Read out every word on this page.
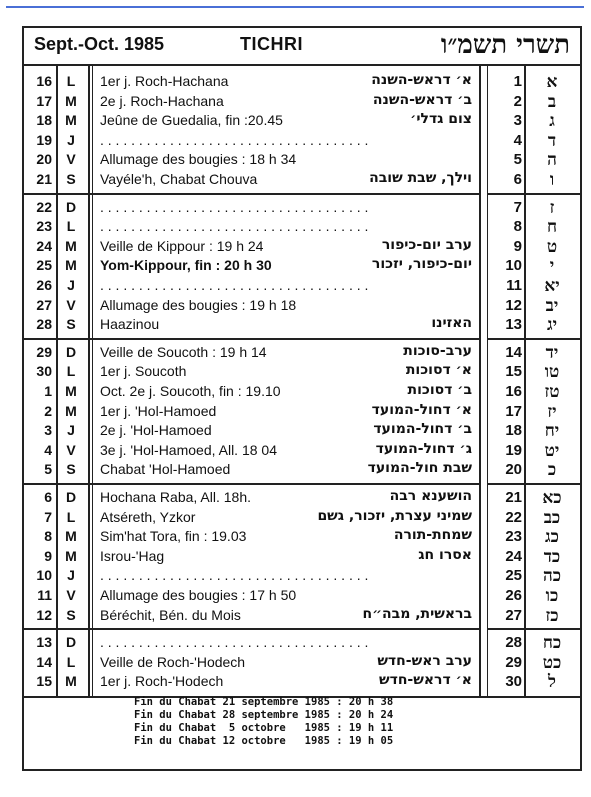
Sept.-Oct. 1985	TICHRI	תשרי תשמ״ו
16	L	1er j. Roch-Hachana	א׳ דראש-השנה	1	א
17 M	2e j. Roch-Hachana	ב׳ דראש-השנה	2	ב
18 M	Jeûne de Guedalia, fin :20.45	צום גדלי׳	3	ג
19	J	. . . . . . . . . . . . . . . . . . . . . . . . . . . . . . . . . . .	4	ד
20	V	Allumage des bougies : 18 h 34	5	ה
21	S	Vayéle'h, Chabat Chouva	וילך, שבת שובה	6	ו
22 D	. . . . . . . . . . . . . . . . . . . . . . . . . . . . . . . . . . .	7	ז
23	L	. . . . . . . . . . . . . . . . . . . . . . . . . . . . . . . . . . .	8	ח
24 M	Veille de Kippour : 19 h 24	ערב יום-כיפור	9	ט
25 M	Yom-Kippour, fin : 20 h 30	יום-כיפור, יזכור	10	י
26	J	. . . . . . . . . . . . . . . . . . . . . . . . . . . . . . . . . . .	11	יא
27	V	Allumage des bougies : 19 h 18	12	יב
28	S	Haazinou	האזינו	13	יג
29 D	Veille de Soucoth : 19 h 14	ערב-סוכות	14	יד
30	L	1er j. Soucoth	א׳ דסוכות	15	טו
1 M	Oct. 2e j. Soucoth, fin : 19.10	ב׳ דסוכות	16	טז
2 M	1er j. 'Hol-Hamoed	א׳ דחול-המועד	17	יז
3	J	2e j. 'Hol-Hamoed	ב׳ דחול-המועד	18	יח
4	V	3e j. 'Hol-Hamoed, All. 18 04	ג׳ דחול-המועד	19	יט
5	S	Chabat 'Hol-Hamoed	שבת חול-המועד	20	כ
6 D	Hochana Raba, All. 18h.	הושענא רבה	21	כא
7	L	Atséreth, Yzkor	שמיני עצרת, יזכור, גשם	22	כב
8 M	Sim'hat Tora, fin : 19.03	שמחת-תורה	23	כג
9 M	Isrou-'Hag	אסרו חג	24	כד
10	J	. . . . . . . . . . . . . . . . . . . . . . . . . . . . . . . . . . .	25	כה
11	V	Allumage des bougies : 17 h 50	26	כו
12	S	Béréchit, Bén. du Mois	בראשית, מבה״ח	27	כז
13 D	. . . . . . . . . . . . . . . . . . . . . . . . . . . . . . . . . . .	28	כח
14	L	Veille de Roch-'Hodech	ערב ראש-חדש	29	כט
15 M	1er j. Roch-'Hodech	א׳ דראש-חדש	30	ל
Fin du Chabat 21 septembre 1985 : 20 h 38
Fin du Chabat 28 septembre 1985 : 20 h 24
Fin du Chabat  5 octobre   1985 : 19 h 11
Fin du Chabat 12 octobre   1985 : 19 h 05
